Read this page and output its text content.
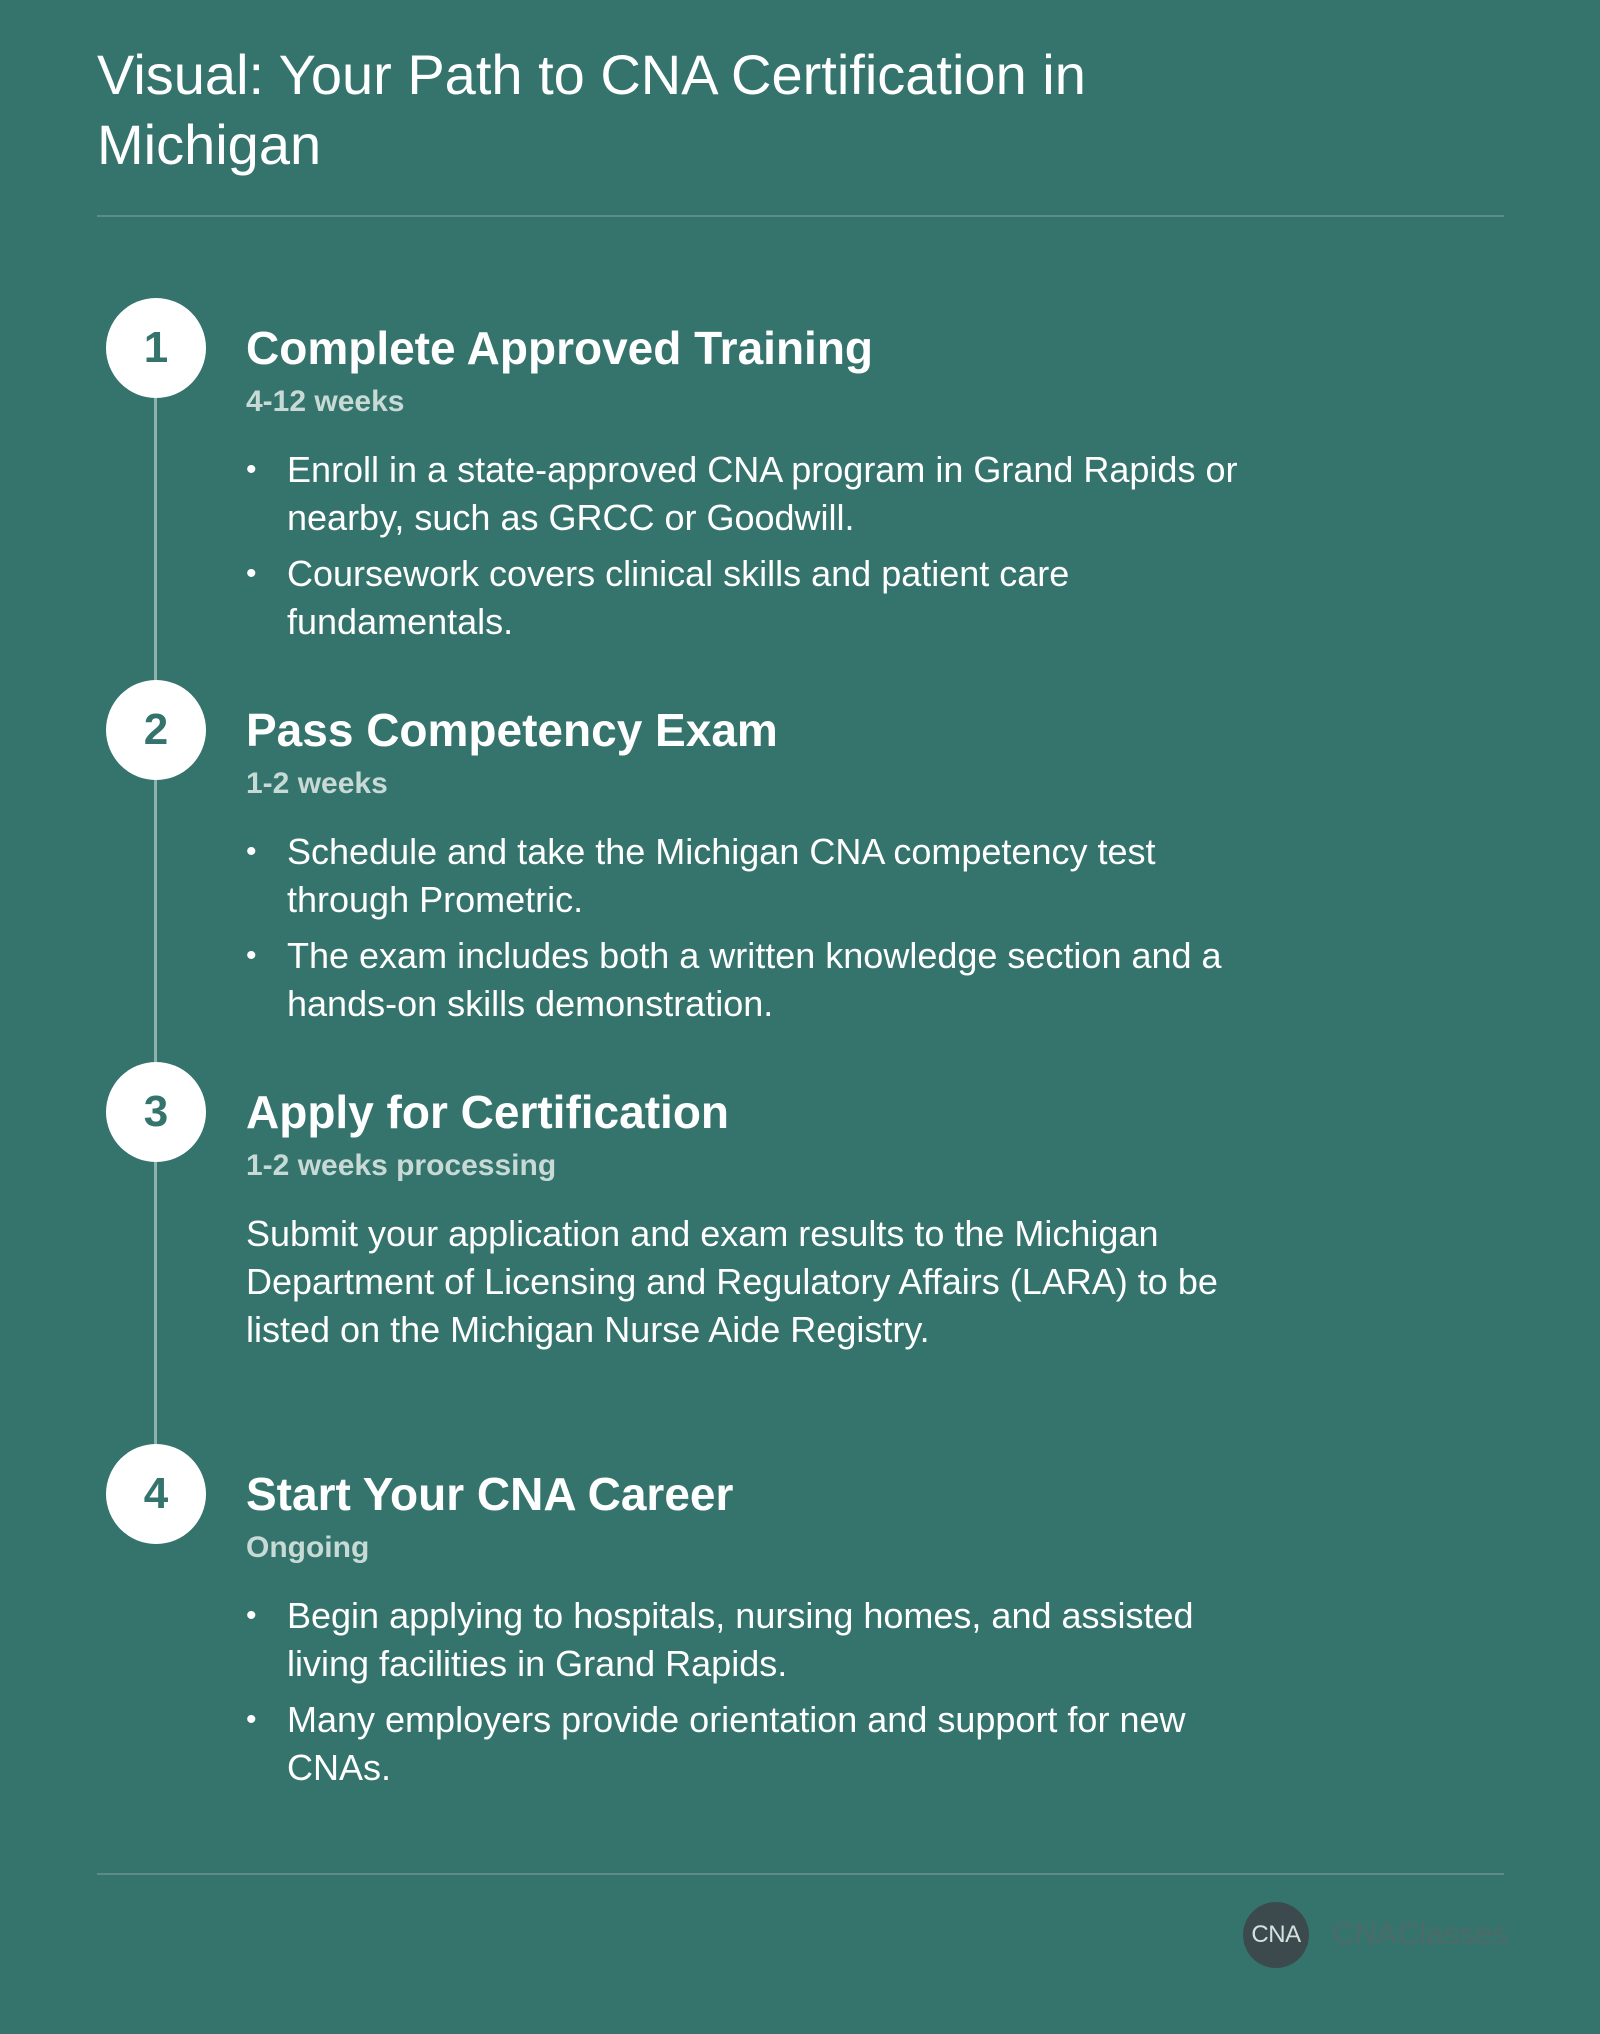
Visual: Your Path to CNA Certification in Michigan
1	Complete Approved Training

4-12 weeks

• Enroll in a state-approved CNA program in Grand Rapids or nearby, such as GRCC or Goodwill.
• Coursework covers clinical skills and patient care fundamentals.
2	Pass Competency Exam

1-2 weeks

• Schedule and take the Michigan CNA competency test through Prometric.
• The exam includes both a written knowledge section and a hands-on skills demonstration.
3	Apply for Certification

1-2 weeks processing

Submit your application and exam results to the Michigan Department of Licensing and Regulatory Affairs (LARA) to be listed on the Michigan Nurse Aide Registry.

4	Start Your CNA Career

Ongoing

• Begin applying to hospitals, nursing homes, and assisted living facilities in Grand Rapids.
• Many employers provide orientation and support for new CNAs.
CNA CNAClasses
